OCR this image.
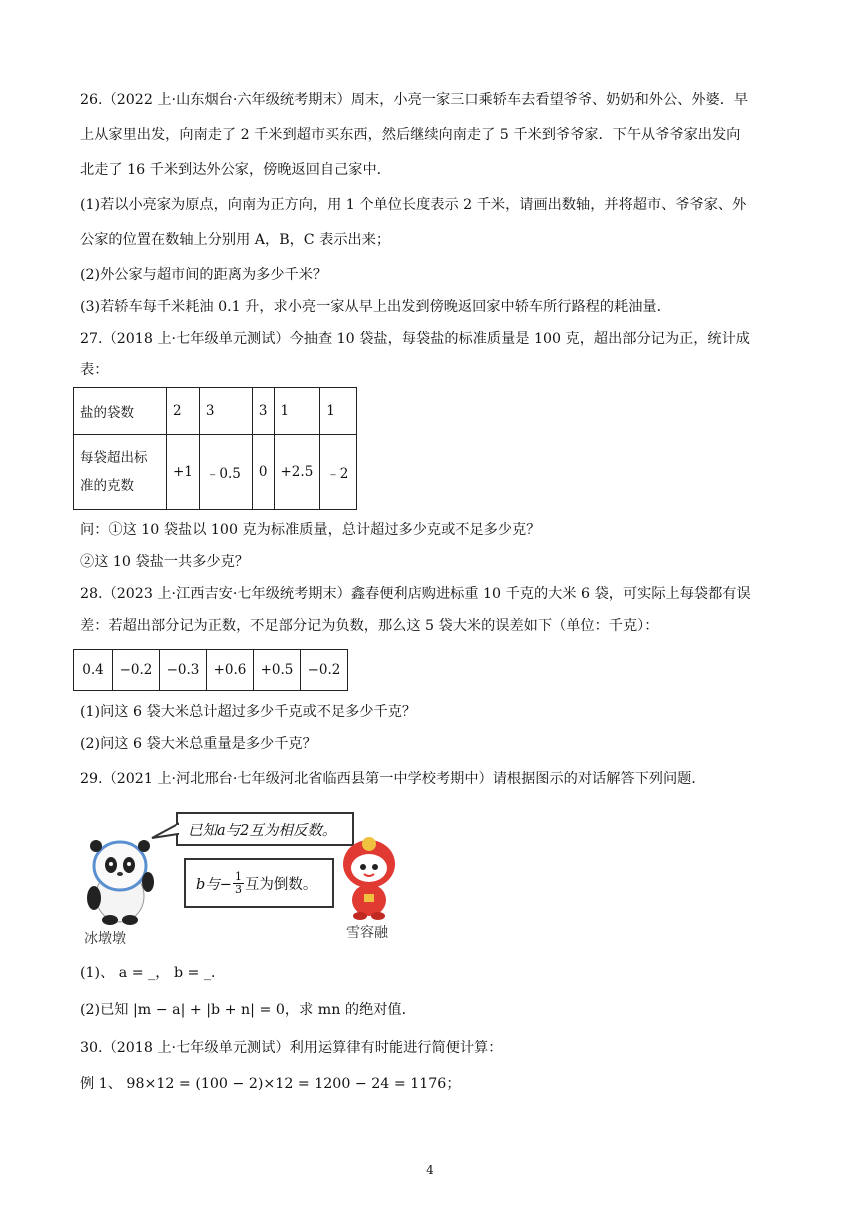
26.（2022 上·山东烟台·六年级统考期末）周末，小亮一家三口乘轿车去看望爷爷、奶奶和外公、外婆．早
上从家里出发，向南走了 2 千米到超市买东西，然后继续向南走了 5 千米到爷爷家．下午从爷爷家出发向
北走了 16 千米到达外公家，傍晚返回自己家中．
(1)若以小亮家为原点，向南为正方向，用 1 个单位长度表示 2 千米，请画出数轴，并将超市、爷爷家、外
公家的位置在数轴上分别用 A，B，C 表示出来；
(2)外公家与超市间的距离为多少千米？
(3)若轿车每千米耗油 0.1 升，求小亮一家从早上出发到傍晚返回家中轿车所行路程的耗油量．
27.（2018 上·七年级单元测试）今抽查 10 袋盐，每袋盐的标准质量是 100 克，超出部分记为正，统计成
表：
盐的袋数	2	3	3	1	1

每袋超出标
准的克数	+1	﹣0.5	0	+2.5	﹣2
问：①这 10 袋盐以 100 克为标准质量，总计超过多少克或不足多少克？
②这 10 袋盐一共多少克？
28.（2023 上·江西吉安·七年级统考期末）鑫春便利店购进标重 10 千克的大米 6 袋，可实际上每袋都有误
差：若超出部分记为正数，不足部分记为负数，那么这 5 袋大米的误差如下（单位：千克）：
0.4	−0.2	−0.3	+0.6	+0.5	−0.2
(1)问这 6 袋大米总计超过多少千克或不足多少千克？
(2)问这 6 袋大米总重量是多少千克？
29.（2021 上·河北邢台·七年级河北省临西县第一中学校考期中）请根据图示的对话解答下列问题．
冰墩墩
已知a与2互为相反数。
b与− $\frac{1}{3}$ 互为倒数。
雪容融
(1)、 a = _， b = _．
(2)已知 |m − a| + |b + n| = 0，求 mn 的绝对值．
30.（2018 上·七年级单元测试）利用运算律有时能进行简便计算：
例 1、 98×12 = (100 − 2)×12 = 1200 − 24 = 1176；
4
